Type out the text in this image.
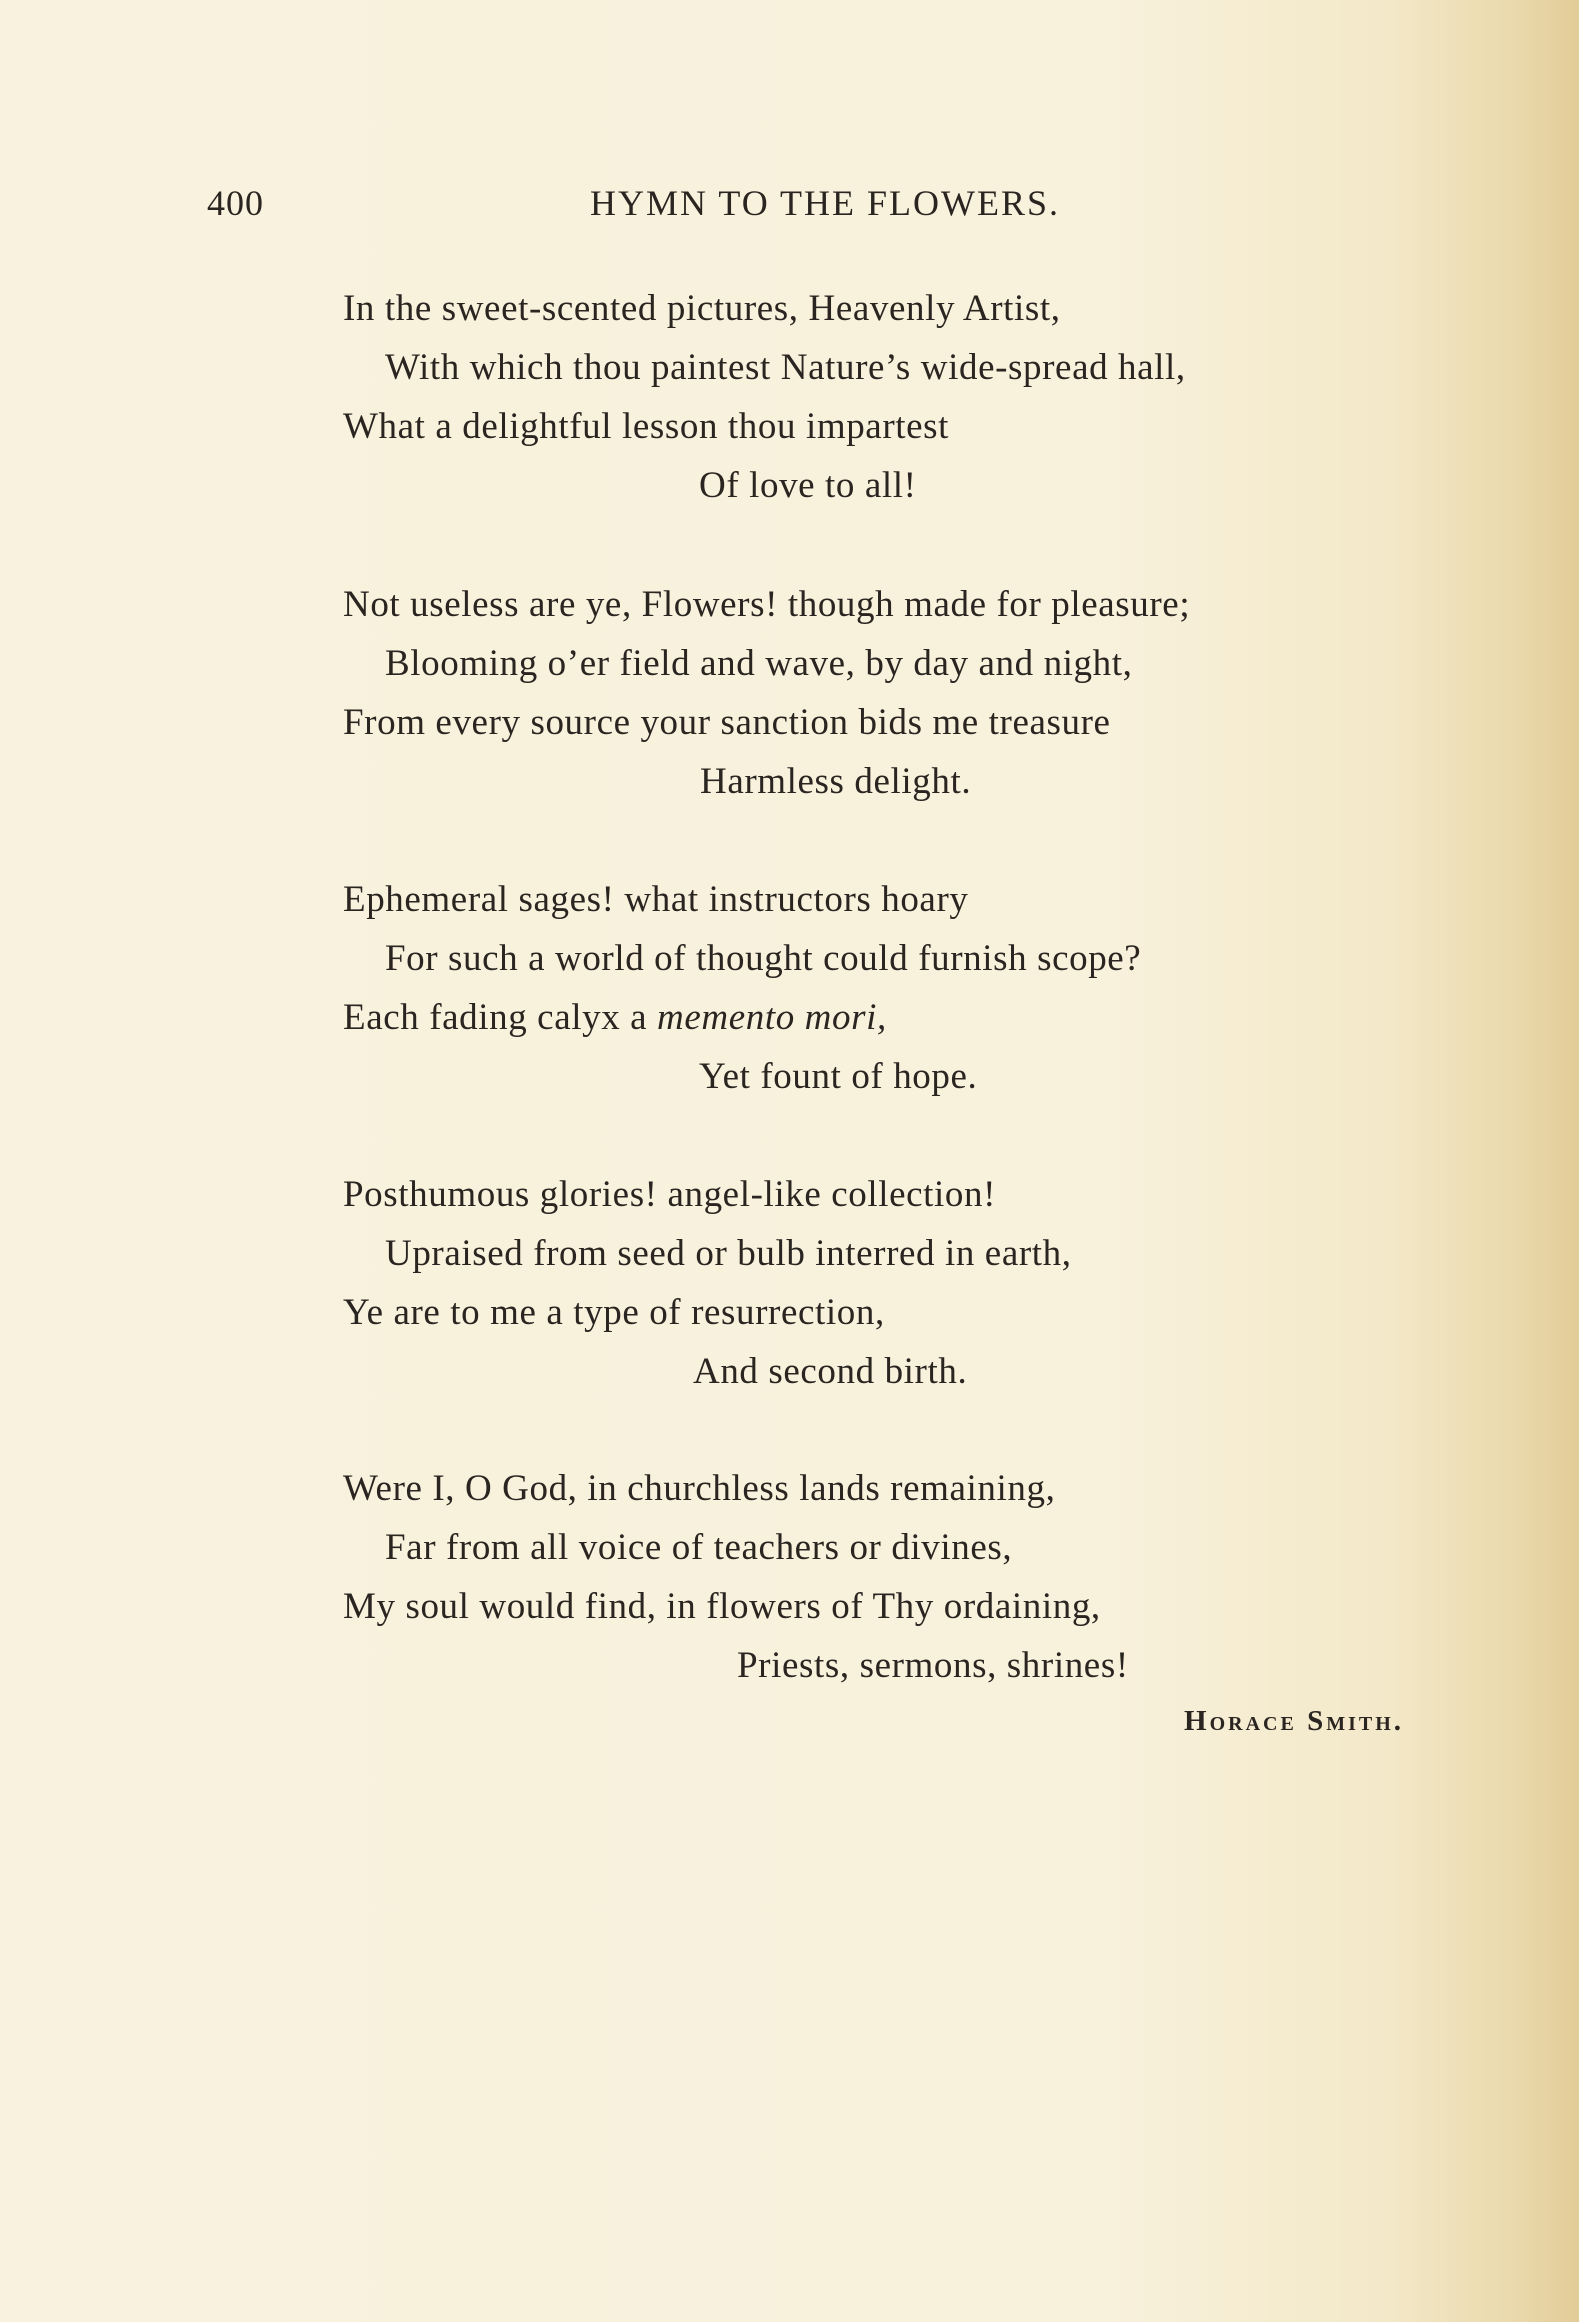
400	HYMN TO THE FLOWERS.
In the sweet-scented pictures, Heavenly Artist,
With which thou paintest Nature’s wide-spread hall,
What a delightful lesson thou impartest
Of love to all!
Not useless are ye, Flowers! though made for pleasure;
Blooming o’er field and wave, by day and night,
From every source your sanction bids me treasure
Harmless delight.
Ephemeral sages! what instructors hoary
For such a world of thought could furnish scope?
Each fading calyx a memento mori,
Yet fount of hope.
Posthumous glories! angel-like collection!
Upraised from seed or bulb interred in earth,
Ye are to me a type of resurrection,
And second birth.
Were I, O God, in churchless lands remaining,
Far from all voice of teachers or divines,
My soul would find, in flowers of Thy ordaining,
Priests, sermons, shrines!
Horace Smith.
